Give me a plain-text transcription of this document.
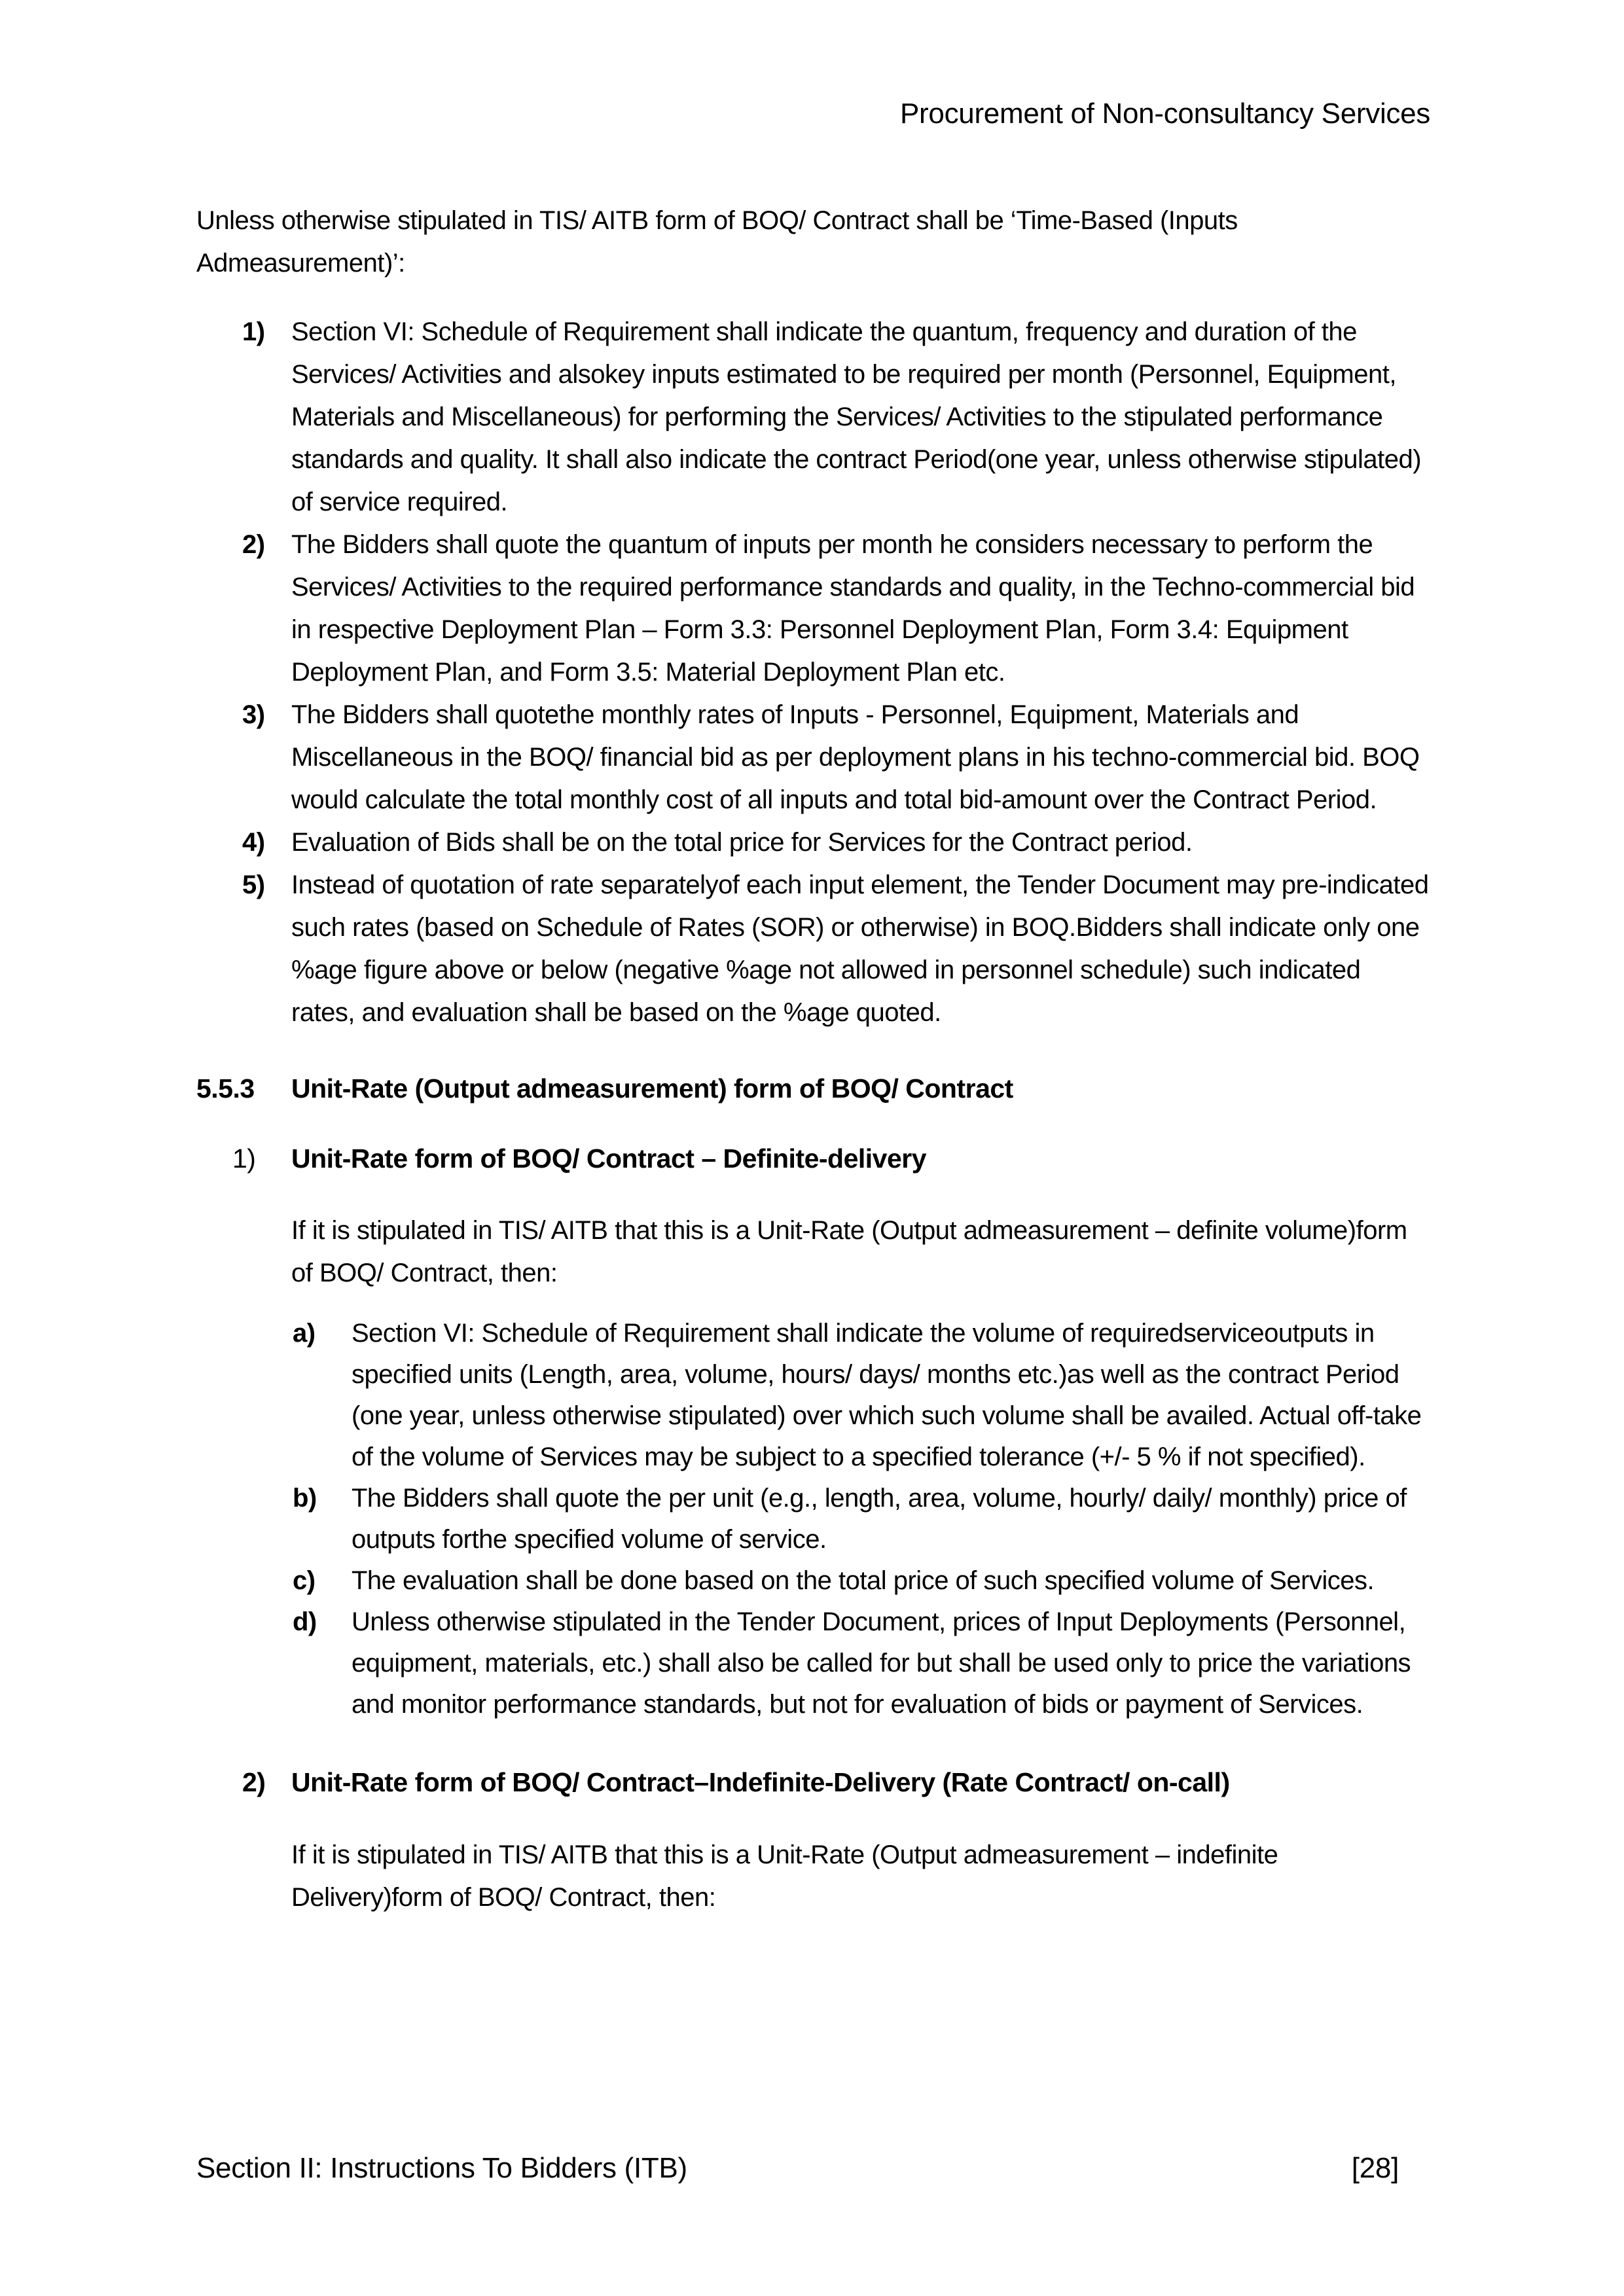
Procurement of Non-consultancy Services
Unless otherwise stipulated in TIS/ AITB form of BOQ/ Contract shall be ‘Time-Based (Inputs Admeasurement)’:
1)	Section VI: Schedule of Requirement shall indicate the quantum, frequency and duration of the Services/ Activities and alsokey inputs estimated to be required per month (Personnel, Equipment, Materials and Miscellaneous) for performing the Services/ Activities to the stipulated performance standards and quality. It shall also indicate the contract Period(one year, unless otherwise stipulated) of service required.
2)	The Bidders shall quote the quantum of inputs per month he considers necessary to perform the Services/ Activities to the required performance standards and quality, in the Techno-commercial bid in respective Deployment Plan – Form 3.3: Personnel Deployment Plan, Form 3.4: Equipment Deployment Plan, and Form 3.5: Material Deployment Plan etc.
3)	The Bidders shall quotethe monthly rates of Inputs - Personnel, Equipment, Materials and Miscellaneous in the BOQ/ financial bid as per deployment plans in his techno-commercial bid. BOQ would calculate the total monthly cost of all inputs and total bid-amount over the Contract Period.
4)	Evaluation of Bids shall be on the total price for Services for the Contract period.
5)	Instead of quotation of rate separatelyof each input element, the Tender Document may pre-indicated such rates (based on Schedule of Rates (SOR) or otherwise) in BOQ.Bidders shall indicate only one %age figure above or below (negative %age not allowed in personnel schedule) such indicated rates, and evaluation shall be based on the %age quoted.
5.5.3	Unit-Rate (Output admeasurement) form of BOQ/ Contract
1)	Unit-Rate form of BOQ/ Contract – Definite-delivery
If it is stipulated in TIS/ AITB that this is a Unit-Rate (Output admeasurement – definite volume)form of BOQ/ Contract, then:
a)	Section VI: Schedule of Requirement shall indicate the volume of requiredserviceoutputs in specified units (Length, area, volume, hours/ days/ months etc.)as well as the contract Period (one year, unless otherwise stipulated) over which such volume shall be availed. Actual off-take of the volume of Services may be subject to a specified tolerance (+/- 5 % if not specified).
b)	The Bidders shall quote the per unit (e.g., length, area, volume, hourly/ daily/ monthly) price of outputs forthe specified volume of service.
c)	The evaluation shall be done based on the total price of such specified volume of Services.
d)	Unless otherwise stipulated in the Tender Document, prices of Input Deployments (Personnel, equipment, materials, etc.) shall also be called for but shall be used only to price the variations and monitor performance standards, but not for evaluation of bids or payment of Services.
2) Unit-Rate form of BOQ/ Contract–Indefinite-Delivery (Rate Contract/ on-call)
If it is stipulated in TIS/ AITB that this is a Unit-Rate (Output admeasurement – indefinite Delivery)form of BOQ/ Contract, then:
Section II: Instructions To Bidders (ITB)	[28]
